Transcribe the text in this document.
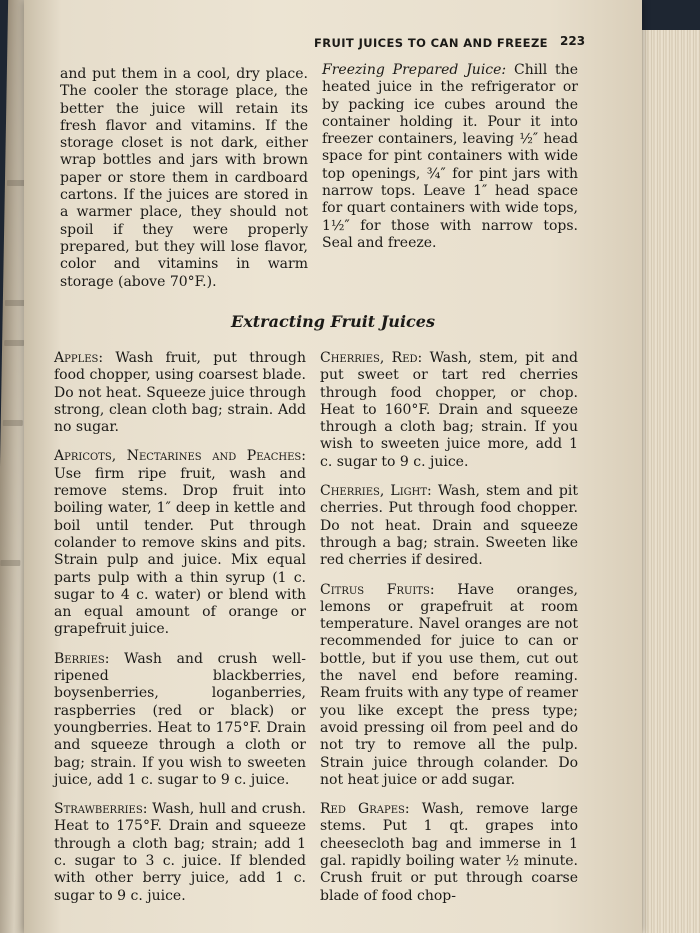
FRUIT JUICES TO CAN AND FREEZE 223

and put them in a cool, dry place. The cooler the storage place, the better the juice will retain its fresh flavor and vitamins. If the storage closet is not dark, either wrap bottles and jars with brown paper or store them in cardboard cartons. If the juices are stored in a warmer place, they should not spoil if they were properly prepared, but they will lose flavor, color and vitamins in warm storage (above 70°F.).

Freezing Prepared Juice: Chill the heated juice in the refrigerator or by packing ice cubes around the container holding it. Pour it into freezer containers, leaving ½″ head space for pint containers with wide top openings, ¾″ for pint jars with narrow tops. Leave 1″ head space for quart containers with wide tops, 1½″ for those with narrow tops. Seal and freeze.

Extracting Fruit Juices

Apples: Wash fruit, put through food chopper, using coarsest blade. Do not heat. Squeeze juice through strong, clean cloth bag; strain. Add no sugar.

Apricots, Nectarines and Peaches: Use firm ripe fruit, wash and remove stems. Drop fruit into boiling water, 1″ deep in kettle and boil until tender. Put through colander to remove skins and pits. Strain pulp and juice. Mix equal parts pulp with a thin syrup (1 c. sugar to 4 c. water) or blend with an equal amount of orange or grapefruit juice.

Berries: Wash and crush well-ripened blackberries, boysenberries, loganberries, raspberries (red or black) or youngberries. Heat to 175°F. Drain and squeeze through a cloth or bag; strain. If you wish to sweeten juice, add 1 c. sugar to 9 c. juice.

Strawberries: Wash, hull and crush. Heat to 175°F. Drain and squeeze through a cloth bag; strain; add 1 c. sugar to 3 c. juice. If blended with other berry juice, add 1 c. sugar to 9 c. juice.

Cherries, Red: Wash, stem, pit and put sweet or tart red cherries through food chopper, or chop. Heat to 160°F. Drain and squeeze through a cloth bag; strain. If you wish to sweeten juice more, add 1 c. sugar to 9 c. juice.

Cherries, Light: Wash, stem and pit cherries. Put through food chopper. Do not heat. Drain and squeeze through a bag; strain. Sweeten like red cherries if desired.

Citrus Fruits: Have oranges, lemons or grapefruit at room temperature. Navel oranges are not recommended for juice to can or bottle, but if you use them, cut out the navel end before reaming. Ream fruits with any type of reamer you like except the press type; avoid pressing oil from peel and do not try to remove all the pulp. Strain juice through colander. Do not heat juice or add sugar.

Red Grapes: Wash, remove large stems. Put 1 qt. grapes into cheesecloth bag and immerse in 1 gal. rapidly boiling water ½ minute. Crush fruit or put through coarse blade of food chop-
